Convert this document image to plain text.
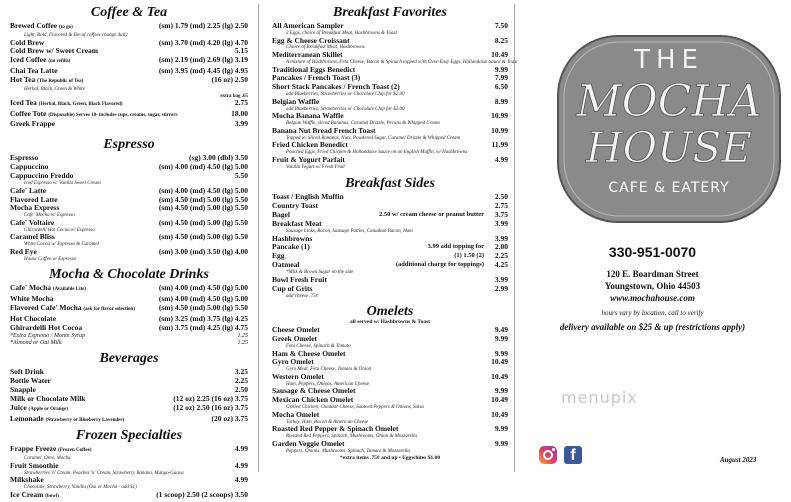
Coffee & Tea
Brewed Coffee (to go)	(sm) 1.79 (md) 2.25 (lg) 2.50
Light, Bold, Flavored & Decaf coffees change daily
Cold Brew	(sm) 3.70 (md) 4.20 (lg) 4.70
Cold Brew w/ Sweet Cream	5.15
Iced Coffee (no refills)	(sm) 2.19 (md) 2.69 (lg) 3.19
Chai Tea Latte	(sm) 3.95 (md) 4.45 (lg) 4.95
Hot Tea (The Republic of Tea)	(16 oz) 2.50
Herbal, Black, Green & White
extra bag .65
Iced Tea (Herbal, Black, Green, Black Flavored)	2.75
Coffee Tote (Disposable) Serves 10- includes cups, creams, sugar, stirrers	18.00
Greek Frappe	3.99
Espresso
Espresso	(sg) 3.00 (dbl) 3.50
Cappuccino	(sm) 4.00 (md) 4.50 (lg) 5.00
Cappuccino Freddo	5.50
Iced Espresso w/ Vanilla Sweet Cream
Cafe' Latte	(sm) 4.00 (md) 4.50 (lg) 5.00
Flavored Latte	(sm) 4.50 (md) 5.00 (lg) 5.50
Mocha Express	(sm) 4.50 (md) 5.00 (lg) 5.50
Cafe' Mocha w/ Espresso
Cafe' Voltaire	(sm) 4.50 (md) 5.00 (lg) 5.50
Ghirardelli Hot Cocoa w/ Espresso
Caramel Bliss	(sm) 4.50 (md) 5.00 (lg) 5.50
White Cocoa w/ Espresso & Caramel
Red Eye	(sm) 3.00 (md) 3.50 (lg) 4.00
House Coffee w/ Espresso
Mocha & Chocolate Drinks
Cafe' Mocha (Available Lite)	(sm) 4.00 (md) 4.50 (lg) 5.00
White Mocha	(sm) 4.00 (md) 4.50 (lg) 5.00
Flavored Cafe' Mocha (ask for flavor selection)	(sm) 4.50 (md) 5.00 (lg) 5.50
Hot Chocolate	(sm) 3.25 (md) 3.75 (lg) 4.25
Ghirardelli Hot Cocoa	(sm) 3.75 (md) 4.25 (lg) 4.75
*Extra Espresso / Monin Syrup	1.25
*Almond or Oat Milk	1.25
Beverages
Soft Drink	3.25
Bottle Water	2.25
Snapple	2.50
Milk or Chocolate Milk	(12 oz) 2.25 (16 oz) 3.75
Juice (Apple or Orange)	(12 oz) 2.50 (16 oz) 3.75
Lemonade (Strawberry or Blueberry Lavender)	(20 oz) 3.75
Frozen Specialties
Frappe Freeze (Frozen Coffee)	4.99
Caramel, Oreo, Mocha
Fruit Smoothie	4.99
Strawberries 'n' Cream, Peaches 'n' Cream, Strawberry Banana, Mango-Guava
Milkshake	4.99
Chocolate, Strawberry, Vanilla (Oui or Mocha - add $1)
Ice Cream (bowl)	(1 scoop) 2.50 (2 scoops) 3.50
Breakfast Favorites
All American Sampler	7.50
2 Eggs, choice of Breakfast Meat, Hashbrowns & Toast
Egg & Cheese Croissant	8.25
Choice of Breakfast Meat, Hashbrowns
Mediterranean Skillet	10.49
A mixture of Hashbrowns, Feta Cheese, Bacon & Spinach topped with Over-Easy Eggs, Hollandaise Sauce & Toast
Traditional Eggs Benedict	9.99
Pancakes / French Toast (3)	7.99
Short Stack Pancakes / French Toast (2)	6.50
add Blueberries, Strawberries or Chocolate Chip for $2.00
Belgian Waffle	8.99
add Blueberries, Strawberries or Chocolate Chip for $2.00
Mocha Banana Waffle	10.99
Belgian Waffle, sliced Bananas, Caramel Drizzle, Pecans & Whipped Cream
Banana Nut Bread French Toast	10.99
Topped w/ Sliced Bananas, Nuts, Powdered Sugar, Caramel Drizzle & Whipped Cream
Fried Chicken Benedict	11.99
Poached Eggs, Fried Chicken & Hollandaise Sauce on an English Muffin, w/ Hashbrowns
Fruit & Yogurt Parfait	4.99
Vanilla Yogurt w/ Fresh Fruit
Breakfast Sides
Toast / English Muffin	2.50
Country Toast	2.75
Bagel	2.50 w/ cream cheese or peanut butter 3.75
Breakfast Meat	3.99
Sausage Links, Bacon, Sausage Patties, Canadian Bacon, Ham
Hashbrowns	3.99
Pancake (1)	3.99 add topping for 2.00
Egg	(1) 1.50 (2) 2.25
Oatmeal	(additional charge for toppings) 4.25
*Milk & Brown Sugar on the side
Bowl Fresh Fruit	3.99
Cup of Grits	2.99
add cheese .75¢
Omelets
all served w/ Hashbrowns & Toast
Cheese Omelet	9.49
Greek Omelet	9.99
Feta Cheese, Spinach & Tomato
Ham & Cheese Omelet	9.99
Gyro Omelet	10.49
Gyro Meat, Feta Cheese, Tomato & Onion
Western Omelet	10.49
Ham, Peppers, Onions, American Cheese
Sausage & Cheese Omelet	9.99
Mexican Chicken Omelet	10.49
Grilled Chicken, Cheddar Cheese, Sauteed Peppers & Onions, Salsa
Mocha Omelet	10.49
Turkey, Ham, Bacon & American Cheese
Roasted Red Pepper & Spinach Omelet	9.99
Roasted Red Peppers, Spinach, Mushrooms, Onion & Mozzarella
Garden Veggie Omelet	9.99
Peppers, Onions, Mushrooms, Spinach, Tomato & Mozzarella
*extra items .75¢ and up • Eggwhites $1.00
THE
MOCHA
HOUSE
CAFE & EATERY
330-951-0070
120 E. Boardman Street
Youngstown, Ohio 44503
www.mochahouse.com
hours vary by location, call to verify
delivery available on $25 & up (restrictions apply)
menupix
f	August 2023
